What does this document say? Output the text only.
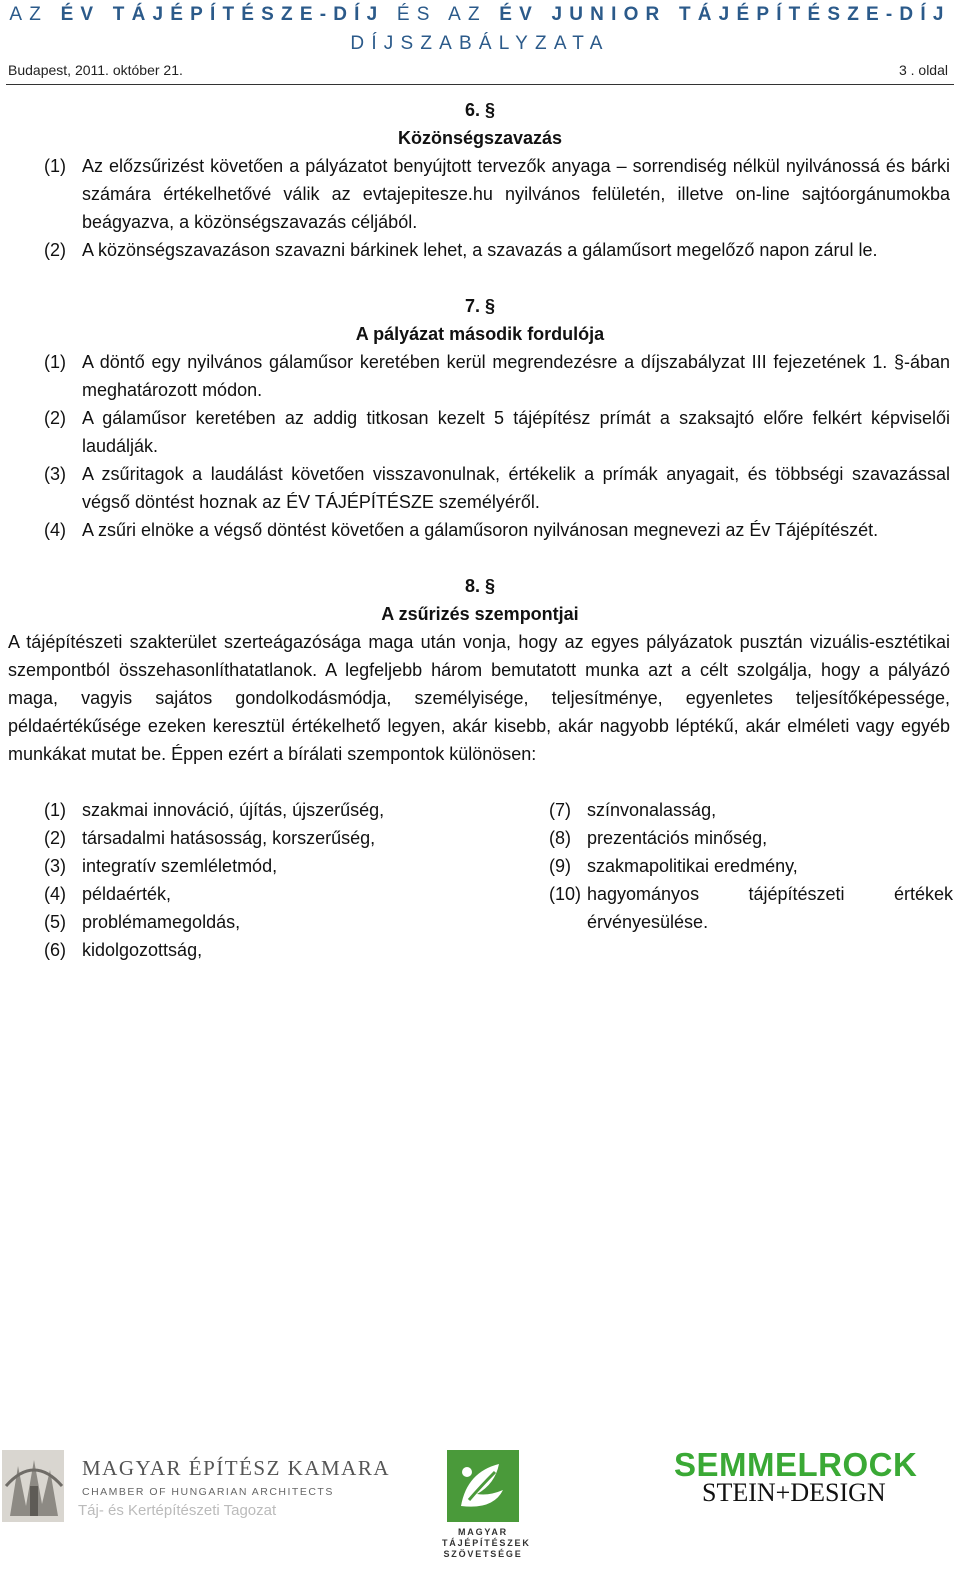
AZ ÉV TÁJÉPÍTÉSZE-DÍJ ÉS AZ ÉV JUNIOR TÁJÉPÍTÉSZE-DÍJ
DÍJSZABÁLYZATA
Budapest, 2011. október 21.	3 . oldal
6. §
Közönségszavazás
(1) Az előzsűrizést követően a pályázatot benyújtott tervezők anyaga – sorrendiség nélkül nyilvánossá és bárki számára értékelhetővé válik az evtajepitesze.hu nyilvános felületén, illetve on-line sajtóorgánumokba beágyazva, a közönségszavazás céljából.
(2) A közönségszavazáson szavazni bárkinek lehet, a szavazás a gálaműsort megelőző napon zárul le.
7. §
A pályázat második fordulója
(1) A döntő egy nyilvános gálaműsor keretében kerül megrendezésre a díjszabályzat III fejezetének 1. §-ában meghatározott módon.
(2) A gálaműsor keretében az addig titkosan kezelt 5 tájépítész prímát a szaksajtó előre felkért képviselői laudálják.
(3) A zsűritagok a laudálást követően visszavonulnak, értékelik a prímák anyagait, és többségi szavazással végső döntést hoznak az ÉV TÁJÉPÍTÉSZE személyéről.
(4) A zsűri elnöke a végső döntést követően a gálaműsoron nyilvánosan megnevezi az Év Tájépítészét.
8. §
A zsűrizés szempontjai
A tájépítészeti szakterület szerteágazósága maga után vonja, hogy az egyes pályázatok pusztán vizuális-esztétikai szempontból összehasonlíthatatlanok. A legfeljebb három bemutatott munka azt a célt szolgálja, hogy a pályázó maga, vagyis sajátos gondolkodásmódja, személyisége, teljesítménye, egyenletes teljesítőképessége, példaértékűsége ezeken keresztül értékelhető legyen, akár kisebb, akár nagyobb léptékű, akár elméleti vagy egyéb munkákat mutat be. Éppen ezért a bírálati szempontok különösen:
(1) szakmai innováció, újítás, újszerűség,
(2) társadalmi hatásosság, korszerűség,
(3) integratív szemléletmód,
(4) példaérték,
(5) problémamegoldás,
(6) kidolgozottság,
(7) színvonalasság,
(8) prezentációs minőség,
(9) szakmapolitikai eredmény,
(10) hagyományos tájépítészeti értékek érvényesülése.
MAGYAR ÉPÍTÉSZ KAMARA
CHAMBER OF HUNGARIAN ARCHITECTS
Táj- és Kertépítészeti Tagozat
MAGYAR
TÁJÉPÍTÉSZEK
SZÖVETSÉGE
SEMMELROCK
STEIN+DESIGN
